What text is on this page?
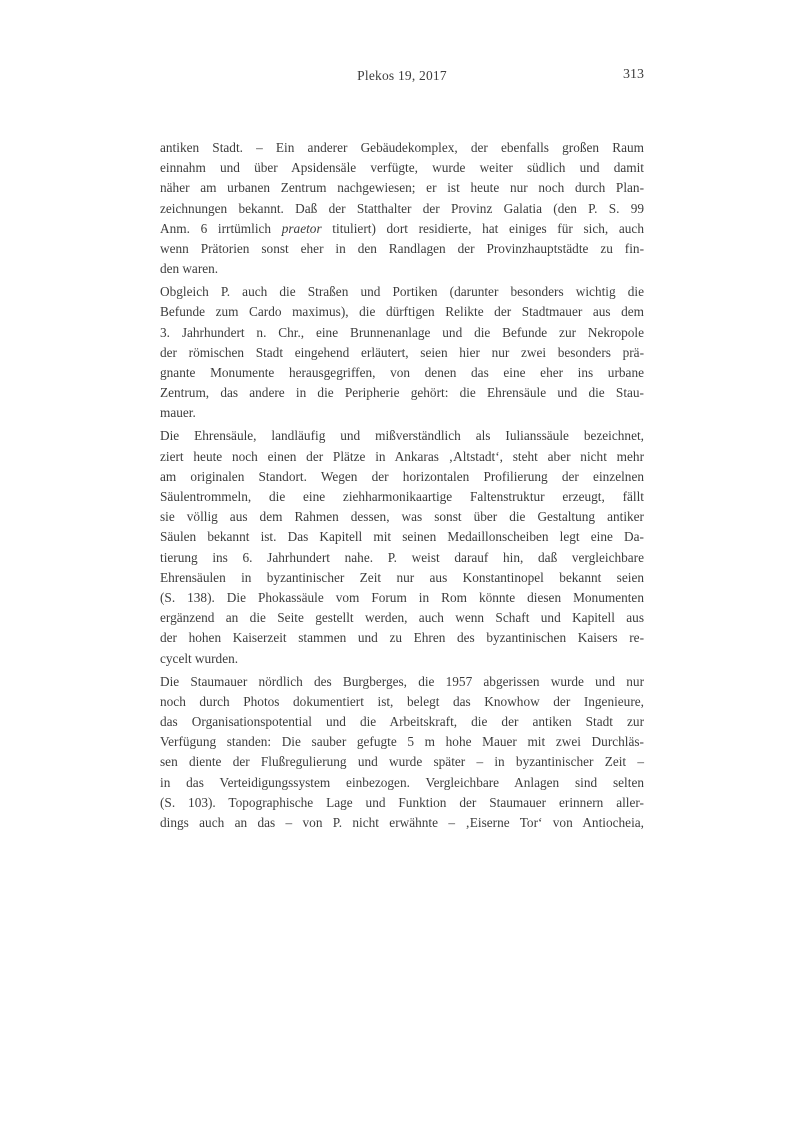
Plekos 19, 2017	313
antiken Stadt. – Ein anderer Gebäudekomplex, der ebenfalls großen Raum
einnahm und über Apsidensäle verfügte, wurde weiter südlich und damit
näher am urbanen Zentrum nachgewiesen; er ist heute nur noch durch Plan-
zeichnungen bekannt. Daß der Statthalter der Provinz Galatia (den P. S. 99
Anm. 6 irrtümlich praetor tituliert) dort residierte, hat einiges für sich, auch
wenn Prätorien sonst eher in den Randlagen der Provinzhauptstädte zu fin-
den waren.
Obgleich P. auch die Straßen und Portiken (darunter besonders wichtig die
Befunde zum Cardo maximus), die dürftigen Relikte der Stadtmauer aus dem
3. Jahrhundert n. Chr., eine Brunnenanlage und die Befunde zur Nekropole
der römischen Stadt eingehend erläutert, seien hier nur zwei besonders prä-
gnante Monumente herausgegriffen, von denen das eine eher ins urbane
Zentrum, das andere in die Peripherie gehört: die Ehrensäule und die Stau-
mauer.
Die Ehrensäule, landläufig und mißverständlich als Iulianssäule bezeichnet,
ziert heute noch einen der Plätze in Ankaras ‚Altstadt‘, steht aber nicht mehr
am originalen Standort. Wegen der horizontalen Profilierung der einzelnen
Säulentrommeln, die eine ziehharmonikaartige Faltenstruktur erzeugt, fällt
sie völlig aus dem Rahmen dessen, was sonst über die Gestaltung antiker
Säulen bekannt ist. Das Kapitell mit seinen Medaillonscheiben legt eine Da-
tierung ins 6. Jahrhundert nahe. P. weist darauf hin, daß vergleichbare
Ehrensäulen in byzantinischer Zeit nur aus Konstantinopel bekannt seien
(S. 138). Die Phokassäule vom Forum in Rom könnte diesen Monumenten
ergänzend an die Seite gestellt werden, auch wenn Schaft und Kapitell aus
der hohen Kaiserzeit stammen und zu Ehren des byzantinischen Kaisers re-
cycelt wurden.
Die Staumauer nördlich des Burgberges, die 1957 abgerissen wurde und nur
noch durch Photos dokumentiert ist, belegt das Knowhow der Ingenieure,
das Organisationspotential und die Arbeitskraft, die der antiken Stadt zur
Verfügung standen: Die sauber gefugte 5 m hohe Mauer mit zwei Durchläs-
sen diente der Flußregulierung und wurde später – in byzantinischer Zeit –
in das Verteidigungssystem einbezogen. Vergleichbare Anlagen sind selten
(S. 103). Topographische Lage und Funktion der Staumauer erinnern aller-
dings auch an das – von P. nicht erwähnte – ‚Eiserne Tor‘ von Antiocheia,
